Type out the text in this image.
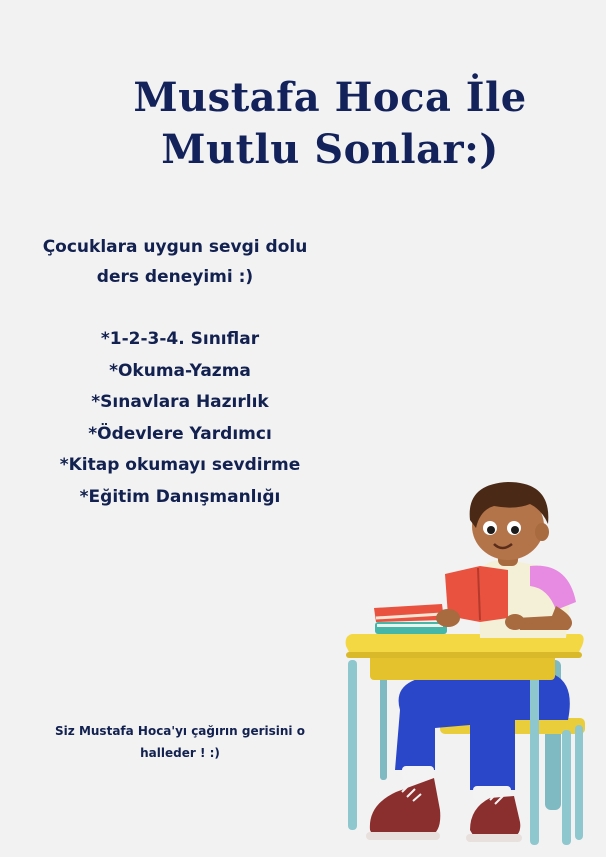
Mustafa Hoca İle
Mutlu Sonlar:)
Çocuklara uygun sevgi dolu
ders deneyimi :)
*1-2-3-4. Sınıflar
*Okuma-Yazma
*Sınavlara Hazırlık
*Ödevlere Yardımcı
*Kitap okumayı sevdirme
*Eğitim Danışmanlığı
Siz Mustafa Hoca'yı çağırın gerisini o
halleder ! :)
